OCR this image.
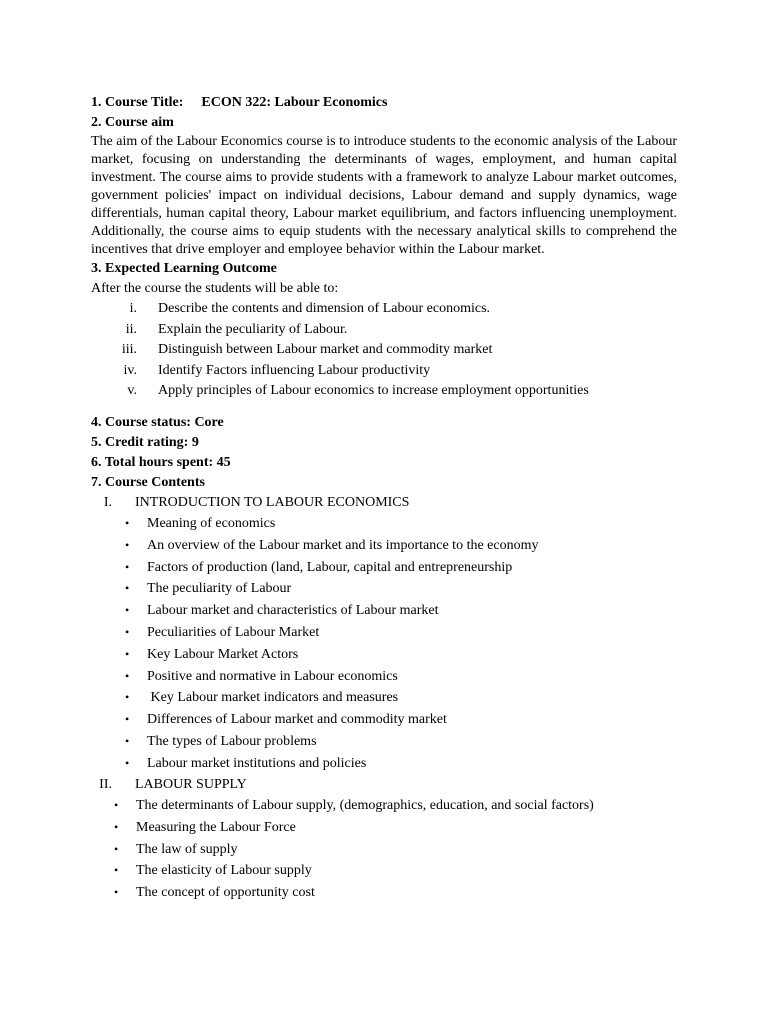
1. Course Title: ECON 322: Labour Economics
2. Course aim

The aim of the Labour Economics course is to introduce students to the economic analysis of the Labour market, focusing on understanding the determinants of wages, employment, and human capital investment. The course aims to provide students with a framework to analyze Labour market outcomes, government policies' impact on individual decisions, Labour demand and supply dynamics, wage differentials, human capital theory, Labour market equilibrium, and factors influencing unemployment. Additionally, the course aims to equip students with the necessary analytical skills to comprehend the incentives that drive employer and employee behavior within the Labour market.

3. Expected Learning Outcome
After the course the students will be able to:
i. Describe the contents and dimension of Labour economics.
ii. Explain the peculiarity of Labour.
iii. Distinguish between Labour market and commodity market
iv. Identify Factors influencing Labour productivity
v. Apply principles of Labour economics to increase employment opportunities
4. Course status: Core
5. Credit rating: 9
6. Total hours spent: 45
7. Course Contents
I. INTRODUCTION TO LABOUR ECONOMICS
• Meaning of economics
• An overview of the Labour market and its importance to the economy
• Factors of production (land, Labour, capital and entrepreneurship
• The peculiarity of Labour
• Labour market and characteristics of Labour market
• Peculiarities of Labour Market
• Key Labour Market Actors
• Positive and normative in Labour economics
• Key Labour market indicators and measures
• Differences of Labour market and commodity market
• The types of Labour problems
• Labour market institutions and policies
II. LABOUR SUPPLY
• The determinants of Labour supply, (demographics, education, and social factors)
• Measuring the Labour Force
• The law of supply
• The elasticity of Labour supply
• The concept of opportunity cost
